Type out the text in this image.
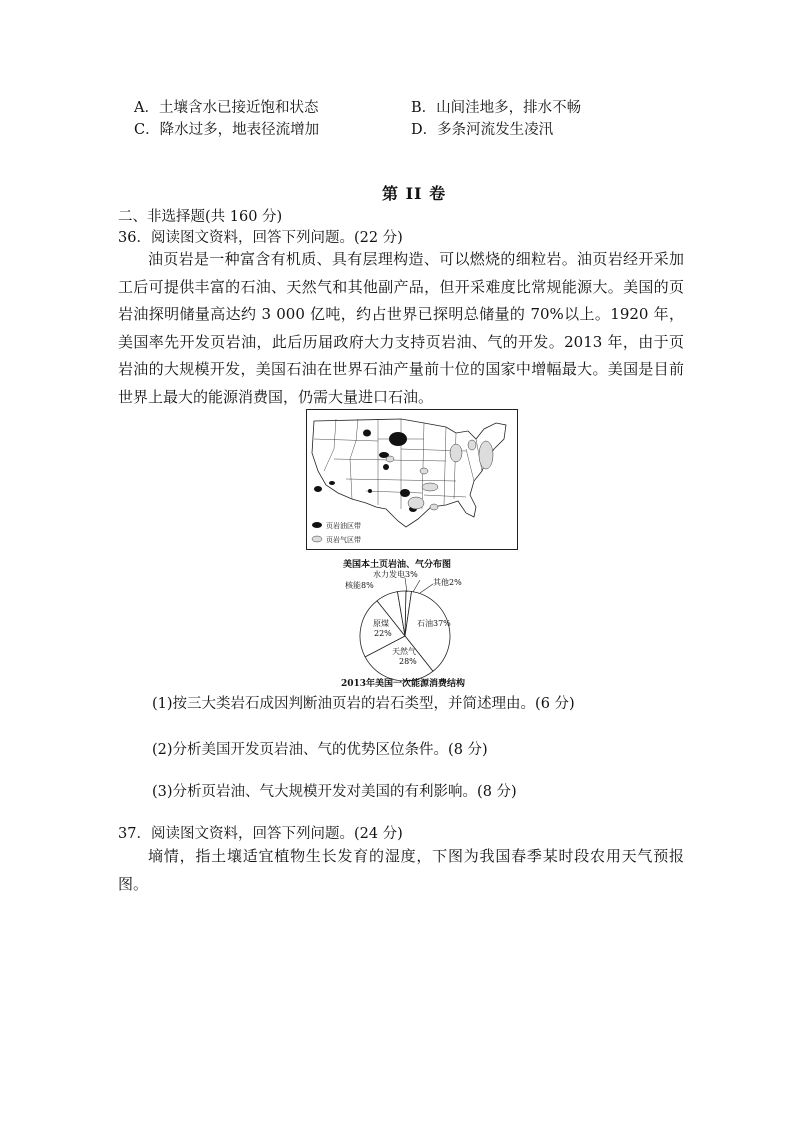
A．土壤含水已接近饱和状态	B．山间洼地多，排水不畅
C．降水过多，地表径流增加	D．多条河流发生凌汛
第 II 卷
二、非选择题(共 160 分)
36．阅读图文资料，回答下列问题。(22 分)
油页岩是一种富含有机质、具有层理构造、可以燃烧的细粒岩。油页岩经开采加工后可提供丰富的石油、天然气和其他副产品，但开采难度比常规能源大。美国的页岩油探明储量高达约 3 000 亿吨，约占世界已探明总储量的 70%以上。1920 年，美国率先开发页岩油，此后历届政府大力支持页岩油、气的开发。2013 年，由于页岩油的大规模开发，美国石油在世界石油产量前十位的国家中增幅最大。美国是目前世界上最大的能源消费国，仍需大量进口石油。
页岩油区带
页岩气区带
美国本土页岩油、气分布图
水力发电3%
其他2%
核能8%
石油37%
原煤
22%
天然气
28%
2013年美国一次能源消费结构
(1)按三大类岩石成因判断油页岩的岩石类型，并简述理由。(6 分)
(2)分析美国开发页岩油、气的优势区位条件。(8 分)
(3)分析页岩油、气大规模开发对美国的有利影响。(8 分)
37．阅读图文资料，回答下列问题。(24 分)
墒情，指土壤适宜植物生长发育的湿度，下图为我国春季某时段农用天气预报图。
